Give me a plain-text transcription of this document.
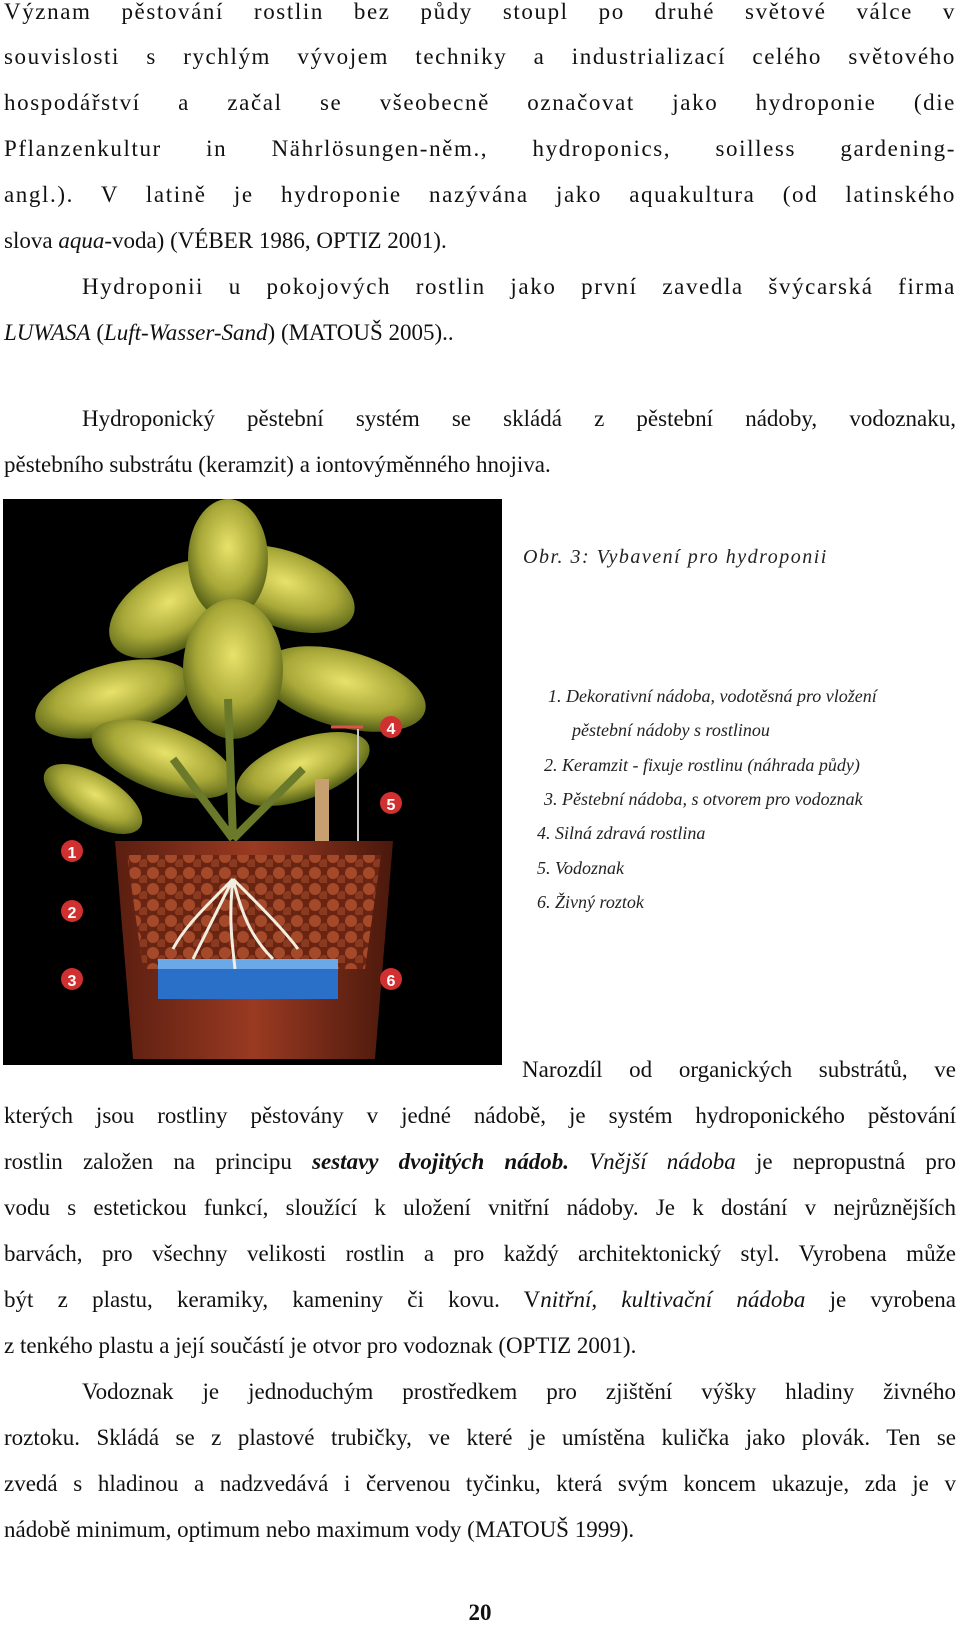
Význam pěstování rostlin bez půdy stoupl po druhé světové válce v
souvislosti s rychlým vývojem techniky a industrializací celého světového
hospodářství a začal se všeobecně označovat jako hydroponie (die
Pflanzenkultur in Nährlösungen-něm., hydroponics, soilless gardening-
angl.). V latině je hydroponie nazývána jako aquakultura (od latinského
slova aqua-voda) (VÉBER 1986, OPTIZ 2001).
Hydroponii u pokojových rostlin jako první zavedla švýcarská firma
LUWASA (Luft-Wasser-Sand) (MATOUŠ 2005)..
Hydroponický pěstební systém se skládá z pěstební nádoby, vodoznaku,
pěstebního substrátu (keramzit) a iontovýměnného hnojiva.
1
2
3
4
5
6
Obr. 3: Vybavení pro hydroponii
1. Dekorativní nádoba, vodotěsná pro vložení
pěstební nádoby s rostlinou
2. Keramzit - fixuje rostlinu (náhrada půdy)
3. Pěstební nádoba, s otvorem pro vodoznak
4. Silná zdravá rostlina
5. Vodoznak
6. Živný roztok
Narozdíl od organických substrátů, ve
kterých jsou rostliny pěstovány v jedné nádobě, je systém hydroponického pěstování
rostlin založen na principu sestavy dvojitých nádob. Vnější nádoba je nepropustná pro
vodu s estetickou funkcí, sloužící k uložení vnitřní nádoby. Je k dostání v nejrůznějších
barvách, pro všechny velikosti rostlin a pro každý architektonický styl. Vyrobena může
být z plastu, keramiky, kameniny či kovu. Vnitřní, kultivační nádoba je vyrobena
z tenkého plastu a její součástí je otvor pro vodoznak (OPTIZ 2001).
Vodoznak je jednoduchým prostředkem pro zjištění výšky hladiny živného
roztoku. Skládá se z plastové trubičky, ve které je umístěna kulička jako plovák. Ten se
zvedá s hladinou a nadzvedává i červenou tyčinku, která svým koncem ukazuje, zda je v
nádobě minimum, optimum nebo maximum vody (MATOUŠ 1999).
20
